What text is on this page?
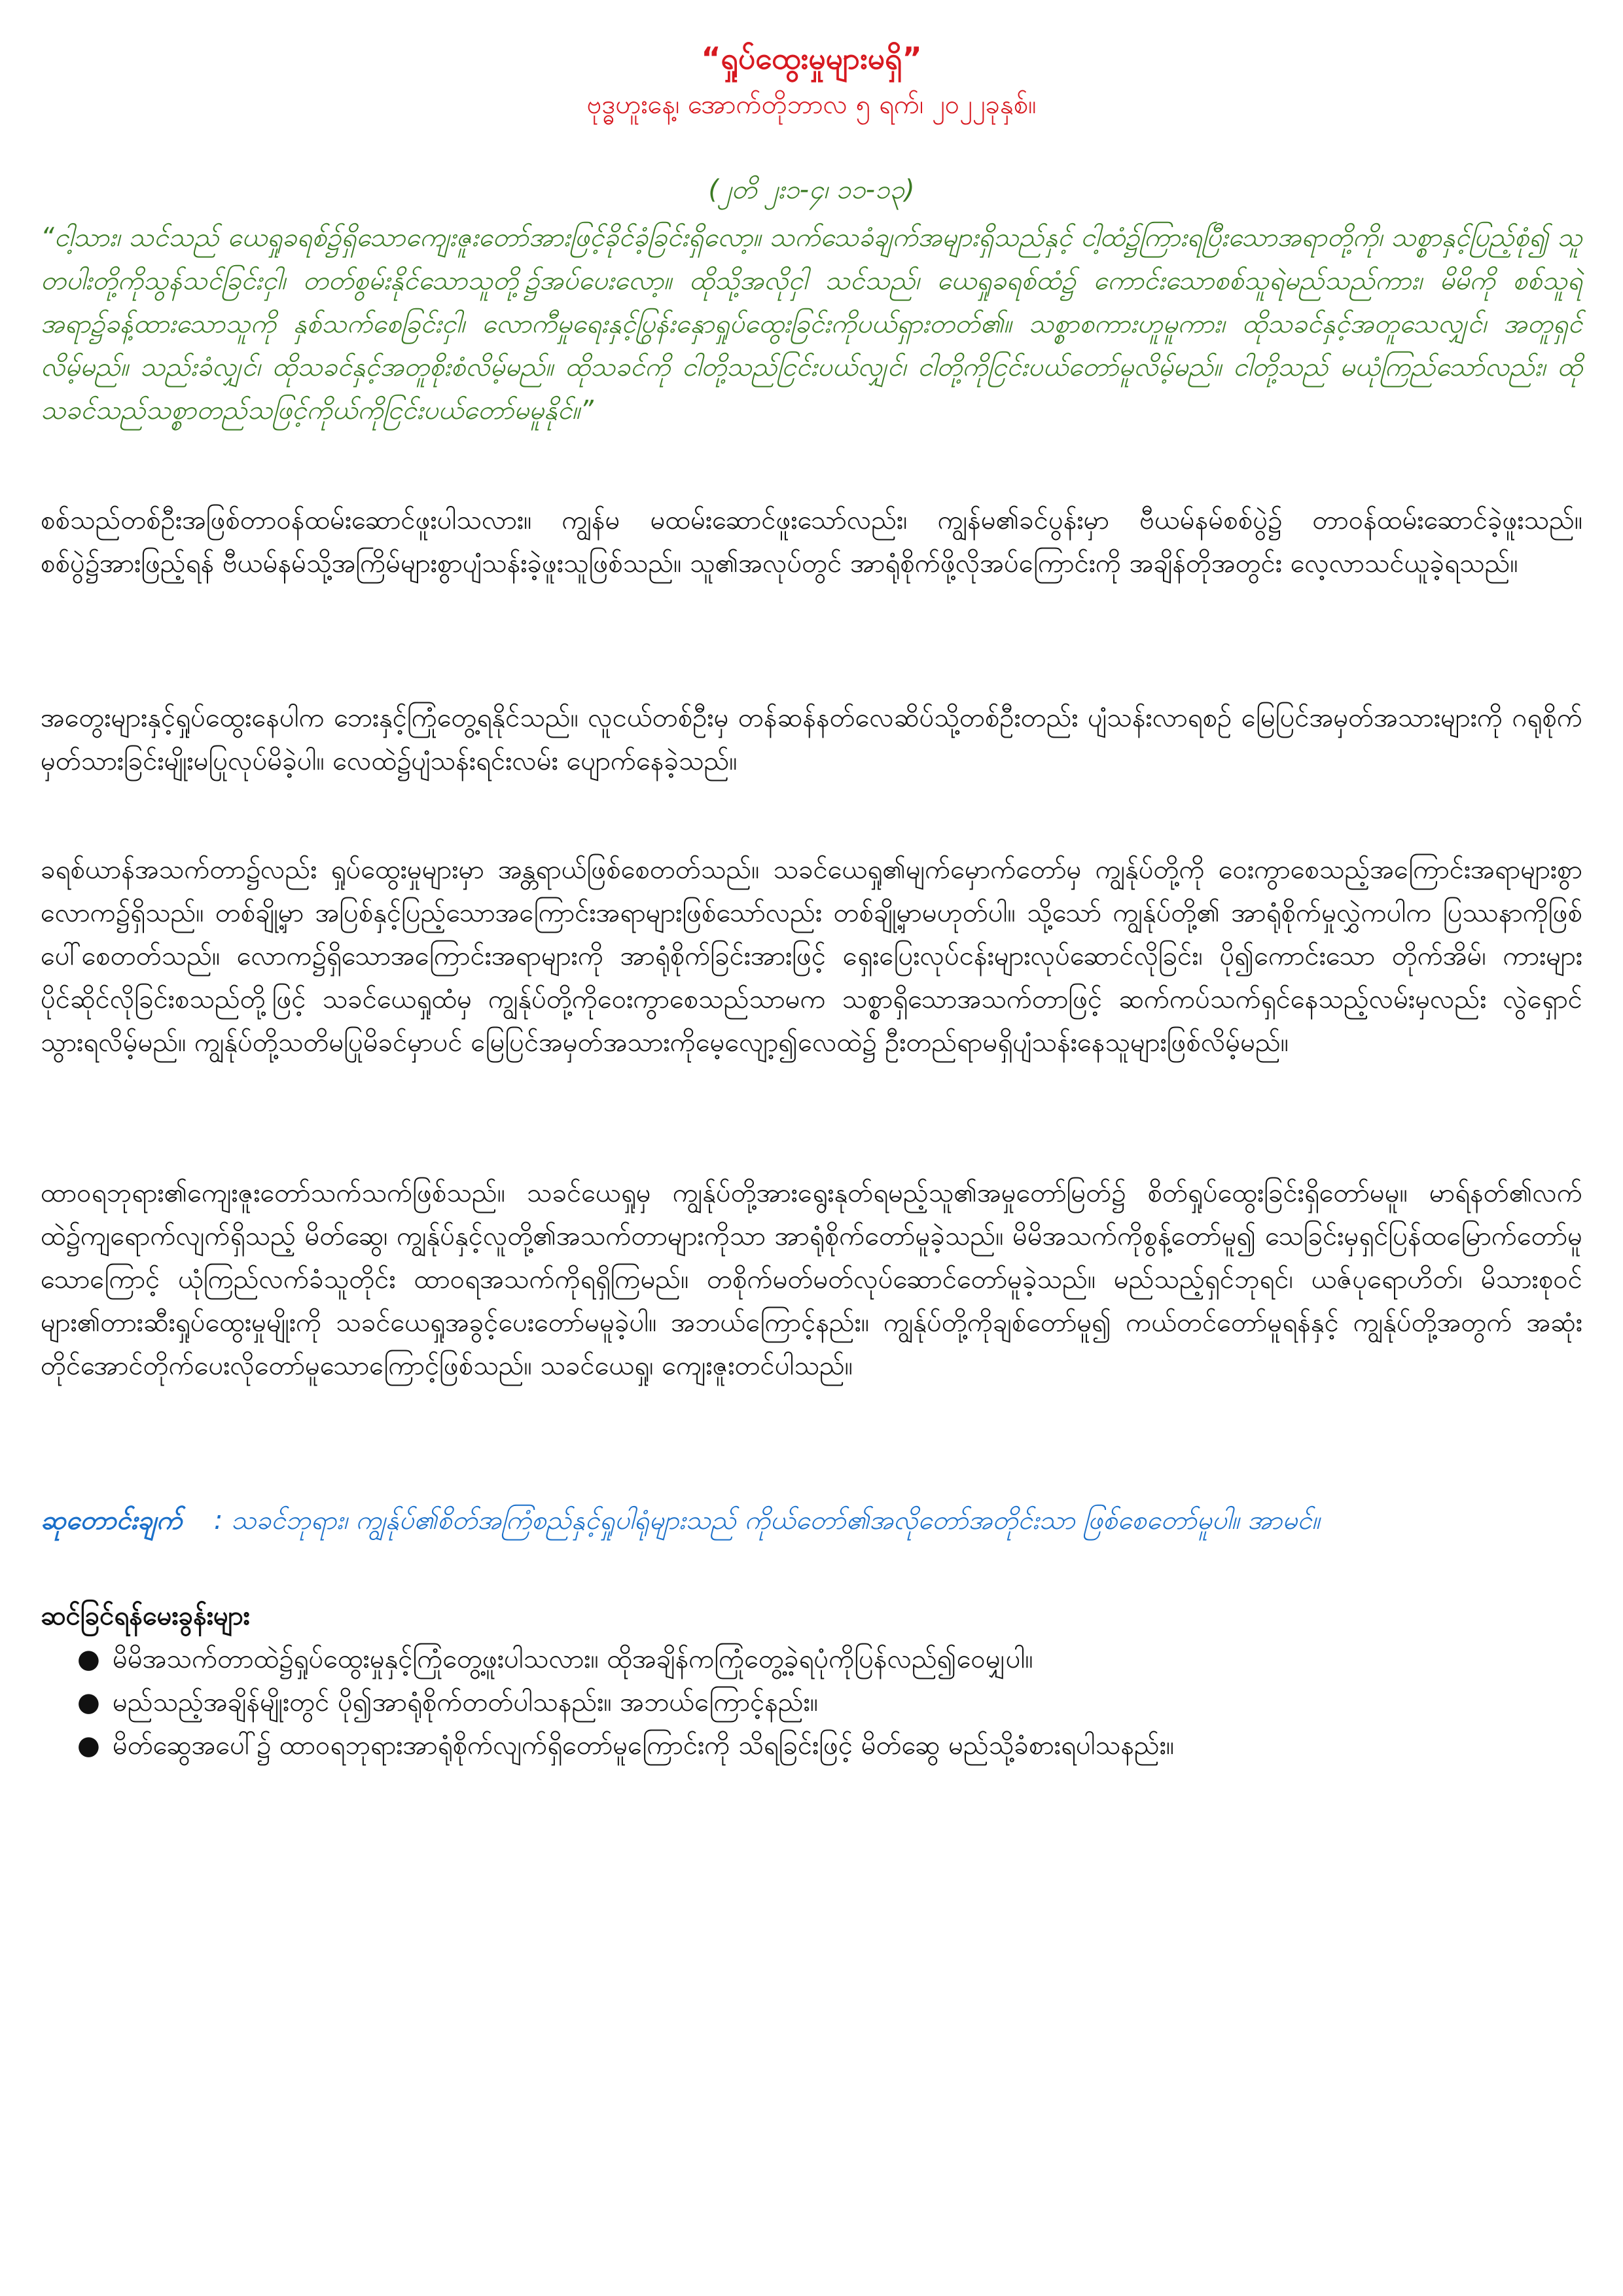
“ရှုပ်ထွေးမှုများမရှိ”
ဗုဒ္ဓဟူးနေ့၊ အောက်တိုဘာလ ၅ ရက်၊ ၂၀၂၂ခုနှစ်။
(၂တိ ၂း၁-၄၊ ၁၁-၁၃)
“ငါ့သား၊ သင်သည် ယေရှုခရစ်၌ရှိသောကျေးဇူးတော်အားဖြင့်ခိုင်ခံ့ခြင်းရှိလော့။ သက်သေခံချက်အများရှိသည်နှင့် ငါ့ထံ၌ကြားရပြီးသောအရာတို့ကို၊ သစ္စာနှင့်ပြည့်စုံ၍ သူတပါးတို့ကိုသွန်သင်ခြင်းငှါ၊ တတ်စွမ်းနိုင်သောသူတို့၌အပ်ပေးလော့။ ထိုသို့အလိုငှါ သင်သည်၊ ယေရှုခရစ်ထံ၌ ကောင်းသောစစ်သူရဲမည်သည်ကား၊ မိမိကို စစ်သူရဲအရာ၌ခန့်ထားသောသူကို နှစ်သက်စေခြင်းငှါ၊ လောကီမှုရေးနှင့်ပြွန်းနှောရှုပ်ထွေးခြင်းကိုပယ်ရှားတတ်၏။ သစ္စာစကားဟူမူကား၊ ထိုသခင်နှင့်အတူသေလျှင်၊ အတူရှင်လိမ့်မည်။ သည်းခံလျှင်၊ ထိုသခင်နှင့်အတူစိုးစံလိမ့်မည်။ ထိုသခင်ကို ငါတို့သည်ငြင်းပယ်လျှင်၊ ငါတို့ကိုငြင်းပယ်တော်မူလိမ့်မည်။ ငါတို့သည် မယုံကြည်သော်လည်း၊ ထိုသခင်သည်သစ္စာတည်သဖြင့်ကိုယ်ကိုငြင်းပယ်တော်မမူနိုင်။”
စစ်သည်တစ်ဦးအဖြစ်တာဝန်ထမ်းဆောင်ဖူးပါသလား။ ကျွန်မ မထမ်းဆောင်ဖူးသော်လည်း၊ ကျွန်မ၏ခင်ပွန်းမှာ ဗီယမ်နမ်စစ်ပွဲ၌ တာဝန်ထမ်းဆောင်ခဲ့ဖူးသည်။ စစ်ပွဲ၌အားဖြည့်ရန် ဗီယမ်နမ်သို့အကြိမ်များစွာပျံသန်းခဲ့ဖူးသူဖြစ်သည်။ သူ၏အလုပ်တွင် အာရုံစိုက်ဖို့လိုအပ်ကြောင်းကို အချိန်တိုအတွင်း လေ့လာသင်ယူခဲ့ရသည်။
အတွေးများနှင့်ရှုပ်ထွေးနေပါက ဘေးနှင့်ကြုံတွေ့ရနိုင်သည်။ လူငယ်တစ်ဦးမှ တန်ဆန်နတ်လေဆိပ်သို့တစ်ဦးတည်း ပျံသန်းလာရစဉ် မြေပြင်အမှတ်အသားများကို ဂရုစိုက်မှတ်သားခြင်းမျိုးမပြုလုပ်မိခဲ့ပါ။ လေထဲ၌ပျံသန်းရင်းလမ်း ပျောက်နေခဲ့သည်။
ခရစ်ယာန်အသက်တာ၌လည်း ရှုပ်ထွေးမှုများမှာ အန္တရာယ်ဖြစ်စေတတ်သည်။ သခင်ယေရှု၏မျက်မှောက်တော်မှ ကျွန်ုပ်တို့ကို ဝေးကွာစေသည့်အကြောင်းအရာများစွာ လောက၌ရှိသည်။ တစ်ချို့မှာ အပြစ်နှင့်ပြည့်သောအကြောင်းအရာများဖြစ်သော်လည်း တစ်ချို့မှာမဟုတ်ပါ။ သို့သော် ကျွန်ုပ်တို့၏ အာရုံစိုက်မှုလွှဲကပါက ပြဿနာကိုဖြစ်ပေါ်စေတတ်သည်။ လောက၌ရှိသောအကြောင်းအရာများကို အာရုံစိုက်ခြင်းအားဖြင့် ရှေးပြေးလုပ်ငန်းများလုပ်ဆောင်လိုခြင်း၊ ပို၍ကောင်းသော တိုက်အိမ်၊ ကားများပိုင်ဆိုင်လိုခြင်းစသည်တို့ဖြင့် သခင်ယေရှုထံမှ ကျွန်ုပ်တို့ကိုဝေးကွာစေသည်သာမက သစ္စာရှိသောအသက်တာဖြင့် ဆက်ကပ်သက်ရှင်နေသည့်လမ်းမှလည်း လွဲရှောင်သွားရလိမ့်မည်။ ကျွန်ုပ်တို့သတိမပြုမိခင်မှာပင် မြေပြင်အမှတ်အသားကိုမေ့လျော့၍လေထဲ၌ ဦးတည်ရာမရှိပျံသန်းနေသူများဖြစ်လိမ့်မည်။
ထာဝရဘုရား၏ကျေးဇူးတော်သက်သက်ဖြစ်သည်။ သခင်ယေရှုမှ ကျွန်ုပ်တို့အားရွေးနုတ်ရမည့်သူ၏အမှုတော်မြတ်၌ စိတ်ရှုပ်ထွေးခြင်းရှိတော်မမူ။ မာရ်နတ်၏လက်ထဲ၌ကျရောက်လျက်ရှိသည့် မိတ်ဆွေ၊ ကျွန်ုပ်နှင့်လူတို့၏အသက်တာများကိုသာ အာရုံစိုက်တော်မူခဲ့သည်။ မိမိအသက်ကိုစွန့်တော်မူ၍ သေခြင်းမှရှင်ပြန်ထမြောက်တော်မူသောကြောင့် ယုံကြည်လက်ခံသူတိုင်း ထာဝရအသက်ကိုရရှိကြမည်။ တစိုက်မတ်မတ်လုပ်ဆောင်တော်မူခဲ့သည်။ မည်သည့်ရှင်ဘုရင်၊ ယဇ်ပုရောဟိတ်၊ မိသားစုဝင်များ၏တားဆီးရှုပ်ထွေးမှုမျိုးကို သခင်ယေရှုအခွင့်ပေးတော်မမူခဲ့ပါ။ အဘယ်ကြောင့်နည်း။ ကျွန်ုပ်တို့ကိုချစ်တော်မူ၍ ကယ်တင်တော်မူရန်နှင့် ကျွန်ုပ်တို့အတွက် အဆုံးတိုင်အောင်တိုက်ပေးလိုတော်မူသောကြောင့်ဖြစ်သည်။ သခင်ယေရှု၊ ကျေးဇူးတင်ပါသည်။
ဆုတောင်းချက် : သခင်ဘုရား၊ ကျွန်ုပ်၏စိတ်အကြံစည်နှင့်ရှုပါရုံများသည် ကိုယ်တော်၏အလိုတော်အတိုင်းသာ ဖြစ်စေတော်မူပါ။ အာမင်။
ဆင်ခြင်ရန်မေးခွန်းများ
● မိမိအသက်တာထဲ၌ရှုပ်ထွေးမှုနှင့်ကြုံတွေ့ဖူးပါသလား။ ထိုအချိန်ကကြုံတွေ့ခဲ့ရပုံကိုပြန်လည်၍ဝေမျှပါ။
● မည်သည့်အချိန်မျိုးတွင် ပို၍အာရုံစိုက်တတ်ပါသနည်း။ အဘယ်ကြောင့်နည်း။
● မိတ်ဆွေအပေါ်၌ ထာဝရဘုရားအာရုံစိုက်လျက်ရှိတော်မူကြောင်းကို သိရခြင်းဖြင့် မိတ်ဆွေ မည်သို့ခံစားရပါသနည်း။
